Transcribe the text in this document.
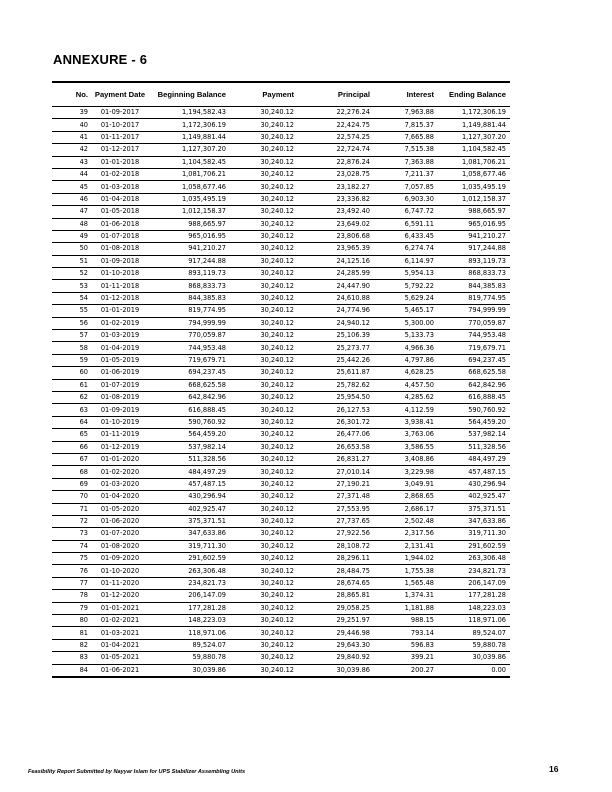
ANNEXURE - 6
No.	Payment Date	Beginning Balance	Payment	Principal	Interest	Ending Balance
39	01-09-2017	1,194,582.43	30,240.12	22,276.24	7,963.88	1,172,306.19
40	01-10-2017	1,172,306.19	30,240.12	22,424.75	7,815.37	1,149,881.44
41	01-11-2017	1,149,881.44	30,240.12	22,574.25	7,665.88	1,127,307.20
42	01-12-2017	1,127,307.20	30,240.12	22,724.74	7,515.38	1,104,582.45
43	01-01-2018	1,104,582.45	30,240.12	22,876.24	7,363.88	1,081,706.21
44	01-02-2018	1,081,706.21	30,240.12	23,028.75	7,211.37	1,058,677.46
45	01-03-2018	1,058,677.46	30,240.12	23,182.27	7,057.85	1,035,495.19
46	01-04-2018	1,035,495.19	30,240.12	23,336.82	6,903.30	1,012,158.37
47	01-05-2018	1,012,158.37	30,240.12	23,492.40	6,747.72	988,665.97
48	01-06-2018	988,665.97	30,240.12	23,649.02	6,591.11	965,016.95
49	01-07-2018	965,016.95	30,240.12	23,806.68	6,433.45	941,210.27
50	01-08-2018	941,210.27	30,240.12	23,965.39	6,274.74	917,244.88
51	01-09-2018	917,244.88	30,240.12	24,125.16	6,114.97	893,119.73
52	01-10-2018	893,119.73	30,240.12	24,285.99	5,954.13	868,833.73
53	01-11-2018	868,833.73	30,240.12	24,447.90	5,792.22	844,385.83
54	01-12-2018	844,385.83	30,240.12	24,610.88	5,629.24	819,774.95
55	01-01-2019	819,774.95	30,240.12	24,774.96	5,465.17	794,999.99
56	01-02-2019	794,999.99	30,240.12	24,940.12	5,300.00	770,059.87
57	01-03-2019	770,059.87	30,240.12	25,106.39	5,133.73	744,953.48
58	01-04-2019	744,953.48	30,240.12	25,273.77	4,966.36	719,679.71
59	01-05-2019	719,679.71	30,240.12	25,442.26	4,797.86	694,237.45
60	01-06-2019	694,237.45	30,240.12	25,611.87	4,628.25	668,625.58
61	01-07-2019	668,625.58	30,240.12	25,782.62	4,457.50	642,842.96
62	01-08-2019	642,842.96	30,240.12	25,954.50	4,285.62	616,888.45
63	01-09-2019	616,888.45	30,240.12	26,127.53	4,112.59	590,760.92
64	01-10-2019	590,760.92	30,240.12	26,301.72	3,938.41	564,459.20
65	01-11-2019	564,459.20	30,240.12	26,477.06	3,763.06	537,982.14
66	01-12-2019	537,982.14	30,240.12	26,653.58	3,586.55	511,328.56
67	01-01-2020	511,328.56	30,240.12	26,831.27	3,408.86	484,497.29
68	01-02-2020	484,497.29	30,240.12	27,010.14	3,229.98	457,487.15
69	01-03-2020	457,487.15	30,240.12	27,190.21	3,049.91	430,296.94
70	01-04-2020	430,296.94	30,240.12	27,371.48	2,868.65	402,925.47
71	01-05-2020	402,925.47	30,240.12	27,553.95	2,686.17	375,371.51
72	01-06-2020	375,371.51	30,240.12	27,737.65	2,502.48	347,633.86
73	01-07-2020	347,633.86	30,240.12	27,922.56	2,317.56	319,711.30
74	01-08-2020	319,711.30	30,240.12	28,108.72	2,131.41	291,602.59
75	01-09-2020	291,602.59	30,240.12	28,296.11	1,944.02	263,306.48
76	01-10-2020	263,306.48	30,240.12	28,484.75	1,755.38	234,821.73
77	01-11-2020	234,821.73	30,240.12	28,674.65	1,565.48	206,147.09
78	01-12-2020	206,147.09	30,240.12	28,865.81	1,374.31	177,281.28
79	01-01-2021	177,281.28	30,240.12	29,058.25	1,181.88	148,223.03
80	01-02-2021	148,223.03	30,240.12	29,251.97	988.15	118,971.06
81	01-03-2021	118,971.06	30,240.12	29,446.98	793.14	89,524.07
82	01-04-2021	89,524.07	30,240.12	29,643.30	596.83	59,880.78
83	01-05-2021	59,880.78	30,240.12	29,840.92	399.21	30,039.86
84	01-06-2021	30,039.86	30,240.12	30,039.86	200.27	0.00
Feasibility Report Submitted by Nayyar Islam for UPS Stabilizer Assembling Units	16
